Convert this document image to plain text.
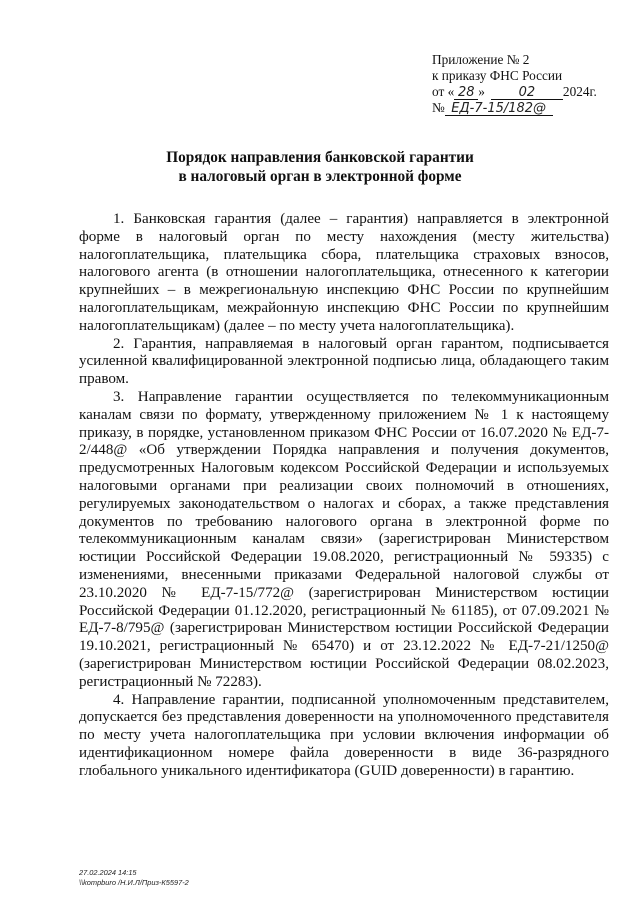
Приложение № 2
к приказу ФНС России
от « 28 »	02 2024г.
№ ЕД-7-15/182@
Порядок направления банковской гарантии
в налоговый орган в электронной форме

1. Банковская гарантия (далее – гарантия) направляется в электронной форме в налоговый орган по месту нахождения (месту жительства) налогоплательщика, плательщика сбора, плательщика страховых взносов, налогового агента (в отношении налогоплательщика, отнесенного к категории крупнейших – в межрегиональную инспекцию ФНС России по крупнейшим налогоплательщикам, межрайонную инспекцию ФНС России по крупнейшим налогоплательщикам) (далее – по месту учета налогоплательщика).

2. Гарантия, направляемая в налоговый орган гарантом, подписывается усиленной квалифицированной электронной подписью лица, обладающего таким правом.

3. Направление гарантии осуществляется по телекоммуникационным каналам связи по формату, утвержденному приложением № 1 к настоящему приказу, в порядке, установленном приказом ФНС России от 16.07.2020 № ЕД-7-2/448@ «Об утверждении Порядка направления и получения документов, предусмотренных Налоговым кодексом Российской Федерации и используемых налоговыми органами при реализации своих полномочий в отношениях, регулируемых законодательством о налогах и сборах, а также представления документов по требованию налогового органа в электронной форме по телекоммуникационным каналам связи» (зарегистрирован Министерством юстиции Российской Федерации 19.08.2020, регистрационный № 59335) с изменениями, внесенными приказами Федеральной налоговой службы от 23.10.2020 № ЕД-7-15/772@ (зарегистрирован Министерством юстиции Российской Федерации 01.12.2020, регистрационный № 61185), от 07.09.2021 № ЕД-7-8/795@ (зарегистрирован Министерством юстиции Российской Федерации 19.10.2021, регистрационный № 65470) и от 23.12.2022 № ЕД-7-21/1250@ (зарегистрирован Министерством юстиции Российской Федерации 08.02.2023, регистрационный № 72283).

4. Направление гарантии, подписанной уполномоченным представителем, допускается без представления доверенности на уполномоченного представителя по месту учета налогоплательщика при условии включения информации об идентификационном номере файла доверенности в виде 36-разрядного глобального уникального идентификатора (GUID доверенности) в гарантию.

27.02.2024 14:15
\\kompburo /Н.И.Л/Приз-К5597-2
